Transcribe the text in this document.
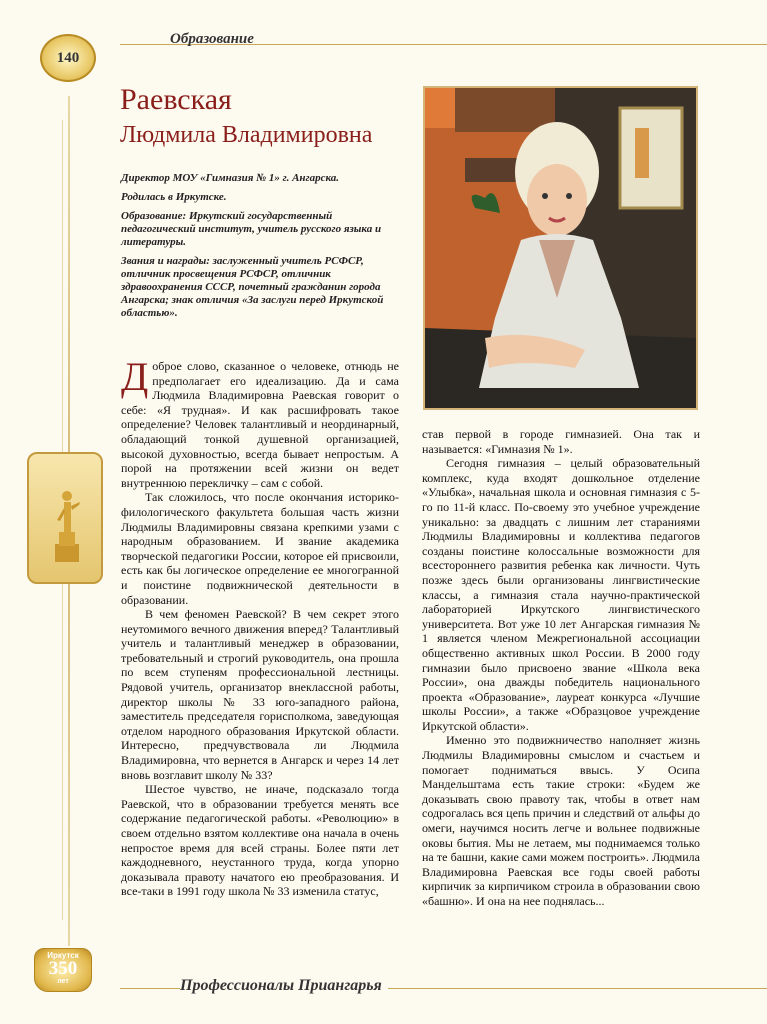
140
Образование
Раевская
Людмила Владимировна

Директор МОУ «Гимназия № 1» г. Ангарска.

Родилась в Иркутске.

Образование: Иркутский государственный педагогический институт, учитель русского языка и литературы.

Звания и награды: заслуженный учитель РСФСР, отличник просвещения РСФСР, отличник здравоохранения СССР, почетный гражданин города Ангарска; знак отличия «За заслуги перед Иркутской областью».

Доброе слово, сказанное о человеке, отнюдь не предполагает его идеализацию. Да и сама Людмила Владимировна Раевская говорит о себе: «Я трудная». И как расшифровать такое определение? Человек талантливый и неординарный, обладающий тонкой душевной организацией, высокой духовностью, всегда бывает непростым. А порой на протяжении всей жизни он ведет внутреннюю перекличку – сам с собой.

Так сложилось, что после окончания историко-филологического факультета большая часть жизни Людмилы Владимировны связана крепкими узами с народным образованием. И звание академика творческой педагогики России, которое ей присвоили, есть как бы логическое определение ее многогранной и поистине подвижнической деятельности в образовании.

В чем феномен Раевской? В чем секрет этого неутомимого вечного движения вперед? Талантливый учитель и талантливый менеджер в образовании, требовательный и строгий руководитель, она прошла по всем ступеням профессиональной лестницы. Рядовой учитель, организатор внеклассной работы, директор школы № 33 юго-западного района, заместитель председателя горисполкома, заведующая отделом народного образования Иркутской области. Интересно, предчувствовала ли Людмила Владимировна, что вернется в Ангарск и через 14 лет вновь возглавит школу № 33?

Шестое чувство, не иначе, подсказало тогда Раевской, что в образовании требуется менять все содержание педагогической работы. «Революцию» в своем отдельно взятом коллективе она начала в очень непростое время для всей страны. Более пяти лет каждодневного, неустанного труда, когда упорно доказывала правоту начатого ею преобразования. И все-таки в 1991 году школа № 33 изменила статус,

став первой в городе гимназией. Она так и называется: «Гимназия № 1».

Сегодня гимназия – целый образовательный комплекс, куда входят дошкольное отделение «Улыбка», начальная школа и основная гимназия с 5-го по 11-й класс. По-своему это учебное учреждение уникально: за двадцать с лишним лет стараниями Людмилы Владимировны и коллектива педагогов созданы поистине колоссальные возможности для всестороннего развития ребенка как личности. Чуть позже здесь были организованы лингвистические классы, а гимназия стала научно-практической лабораторией Иркутского лингвистического университета. Вот уже 10 лет Ангарская гимназия № 1 является членом Межрегиональной ассоциации общественно активных школ России. В 2000 году гимназии было присвоено звание «Школа века России», она дважды победитель национального проекта «Образование», лауреат конкурса «Лучшие школы России», а также «Образцовое учреждение Иркутской области».

Именно это подвижничество наполняет жизнь Людмилы Владимировны смыслом и счастьем и помогает подниматься ввысь. У Осипа Мандельштама есть такие строки: «Будем же доказывать свою правоту так, чтобы в ответ нам содрогалась вся цепь причин и следствий от альфы до омеги, научимся носить легче и вольнее подвижные оковы бытия. Мы не летаем, мы поднимаемся только на те башни, какие сами можем построить». Людмила Владимировна Раевская все годы своей работы кирпичик за кирпичиком строила в образовании свою «башню». И она на нее поднялась...

Иркутск
350
лет	Профессионалы Приангарья
